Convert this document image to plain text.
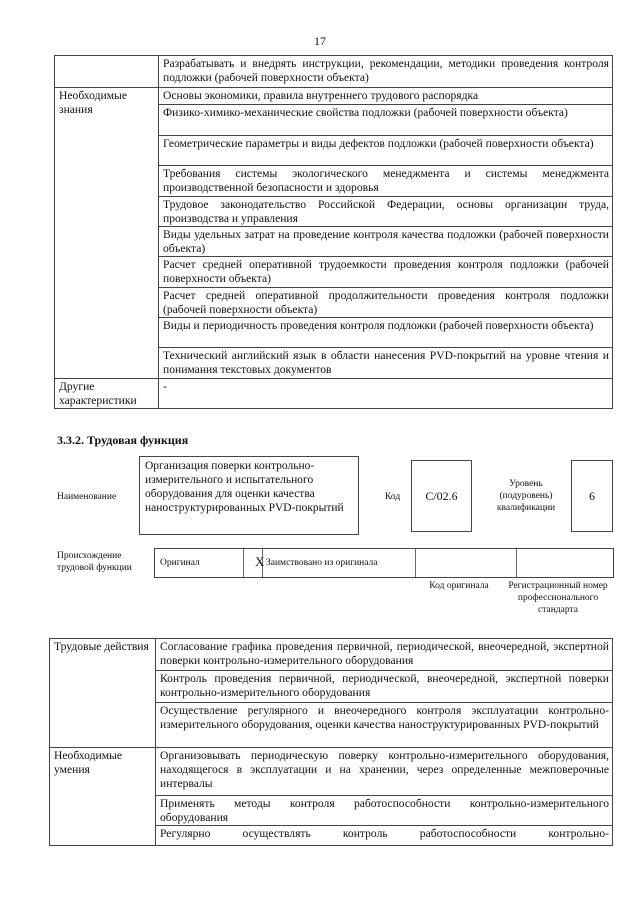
17
	Разрабатывать и внедрять инструкции, рекомендации, методики проведения контроля подложки (рабочей поверхности объекта)
Необходимые знания	Основы экономики, правила внутреннего трудового распорядка
	Физико-химико-механические свойства подложки (рабочей поверхности объекта)
	Геометрические параметры и виды дефектов подложки (рабочей поверхности объекта)
	Требования системы экологического менеджмента и системы менеджмента производственной безопасности и здоровья
	Трудовое законодательство Российской Федерации, основы организации труда, производства и управления
	Виды удельных затрат на проведение контроля качества подложки (рабочей поверхности объекта)
	Расчет средней оперативной трудоемкости проведения контроля подложки (рабочей поверхности объекта)
	Расчет средней оперативной продолжительности проведения контроля подложки (рабочей поверхности объекта)
	Виды и периодичность проведения контроля подложки (рабочей поверхности объекта)
	Технический английский язык в области нанесения PVD-покрытий на уровне чтения и понимания текстовых документов
Другие характеристики	-
3.3.2. Трудовая функция
Наименование
Организация поверки контрольно-измерительного и испытательного оборудования для оценки качества наноструктурированных PVD-покрытий
Код C/02.6
Уровень (подуровень) квалификации
6
Происхождение трудовой функции	Оригинал	X Заимствовано из оригинала
Код оригинала	Регистрационный номер профессионального стандарта
Трудовые действия	Согласование графика проведения первичной, периодической, внеочередной, экспертной поверки контрольно-измерительного оборудования
	Контроль проведения первичной, периодической, внеочередной, экспертной поверки контрольно-измерительного оборудования
	Осуществление регулярного и внеочередного контроля эксплуатации контрольно-измерительного оборудования, оценки качества наноструктурированных PVD-покрытий
Необходимые умения	Организовывать периодическую поверку контрольно-измерительного оборудования, находящегося в эксплуатации и на хранении, через определенные межповерочные интервалы
	Применять методы контроля работоспособности контрольно-измерительного оборудования
	Регулярно осуществлять контроль работоспособности контрольно-
